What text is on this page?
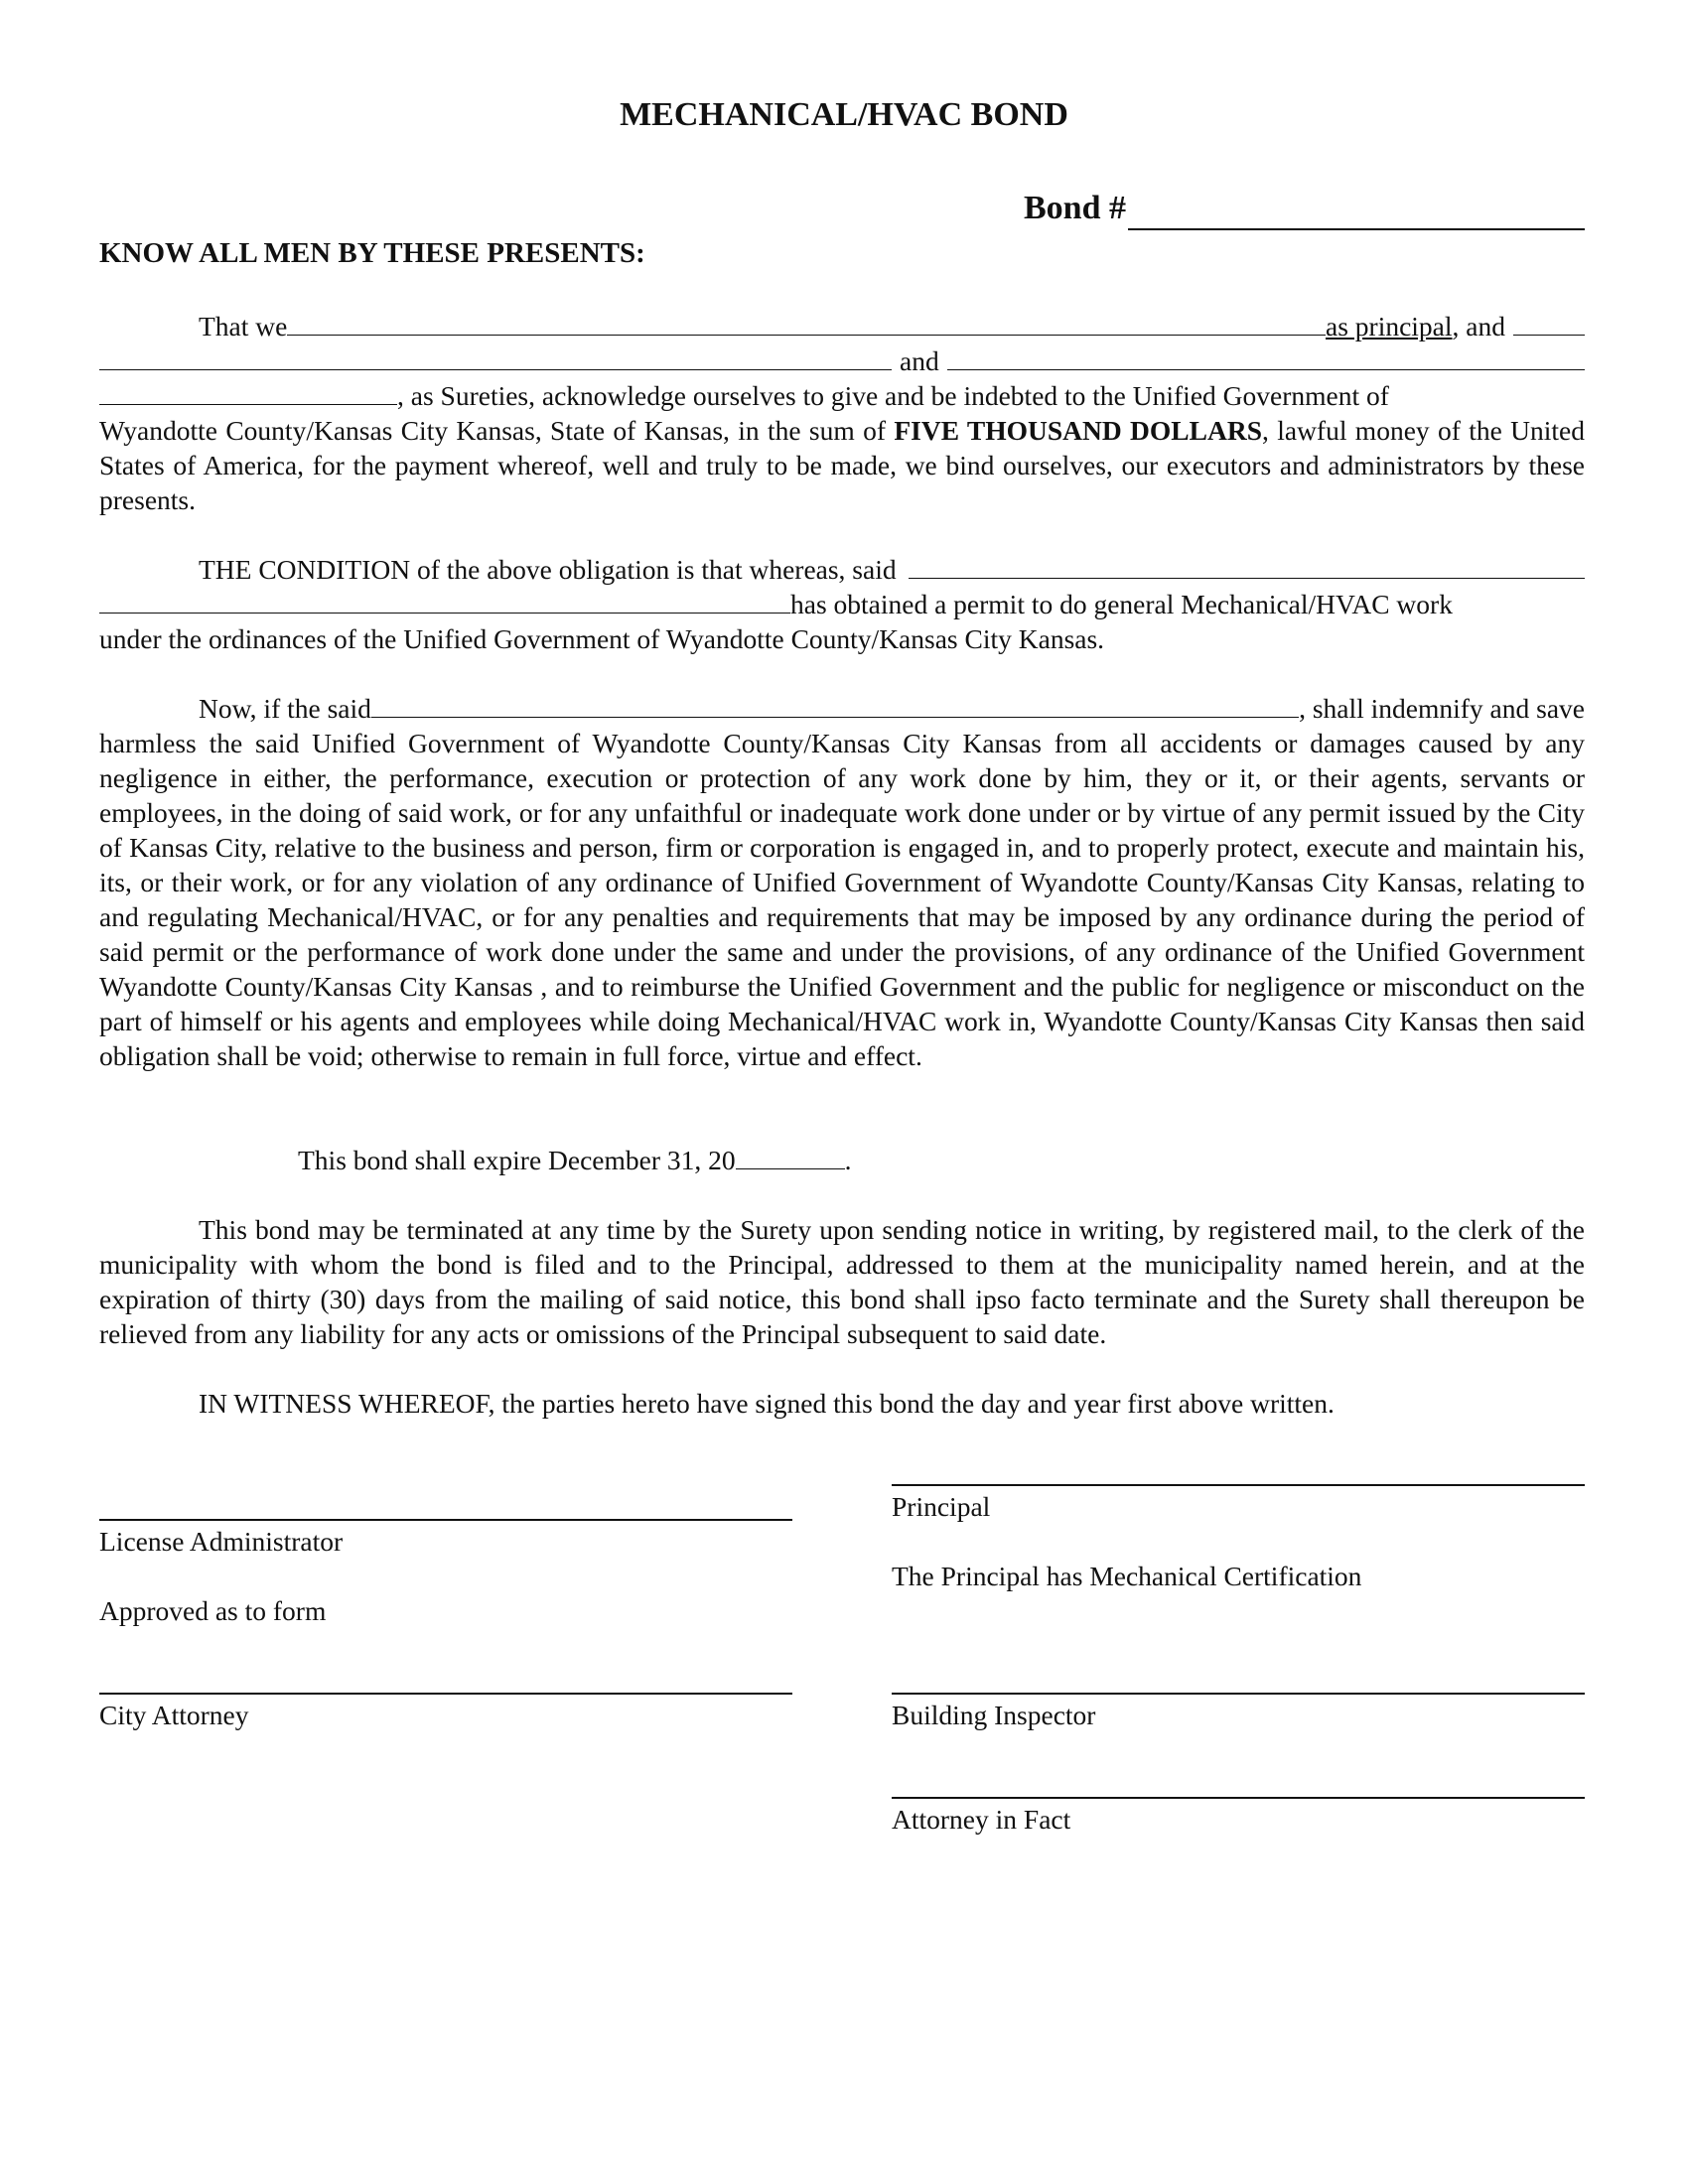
MECHANICAL/HVAC BOND
Bond #
KNOW ALL MEN BY THESE PRESENTS:
That we	as principal , and
and
, as Sureties, acknowledge ourselves to give and be indebted to the Unified Government of

Wyandotte County/Kansas City Kansas, State of Kansas, in the sum of FIVE THOUSAND DOLLARS, lawful money of the United States of America, for the payment whereof, well and truly to be made, we bind ourselves, our executors and administrators by these presents.

THE CONDITION of the above obligation is that whereas, said
has obtained a permit to do general Mechanical/HVAC work
under the ordinances of the Unified Government of Wyandotte County/Kansas City Kansas.
Now, if the said	, shall indemnify and save

harmless the said Unified Government of Wyandotte County/Kansas City Kansas from all accidents or damages caused by any negligence in either, the performance, execution or protection of any work done by him, they or it, or their agents, servants or employees, in the doing of said work, or for any unfaithful or inadequate work done under or by virtue of any permit issued by the City of Kansas City, relative to the business and person, firm or corporation is engaged in, and to properly protect, execute and maintain his, its, or their work, or for any violation of any ordinance of Unified Government of Wyandotte County/Kansas City Kansas, relating to and regulating Mechanical/HVAC, or for any penalties and requirements that may be imposed by any ordinance during the period of said permit or the performance of work done under the same and under the provisions, of any ordinance of the Unified Government Wyandotte County/Kansas City Kansas , and to reimburse the Unified Government and the public for negligence or misconduct on the part of himself or his agents and employees while doing Mechanical/HVAC work in, Wyandotte County/Kansas City Kansas then said obligation shall be void; otherwise to remain in full force, virtue and effect.

This bond shall expire December 31, 20	.

This bond may be terminated at any time by the Surety upon sending notice in writing, by registered mail, to the clerk of the municipality with whom the bond is filed and to the Principal, addressed to them at the municipality named herein, and at the expiration of thirty (30) days from the mailing of said notice, this bond shall ipso facto terminate and the Surety shall thereupon be relieved from any liability for any acts or omissions of the Principal subsequent to said date.

IN WITNESS WHEREOF, the parties hereto have signed this bond the day and year first above written.

Principal
License Administrator
The Principal has Mechanical Certification
Approved as to form
City Attorney	Building Inspector
Attorney in Fact
